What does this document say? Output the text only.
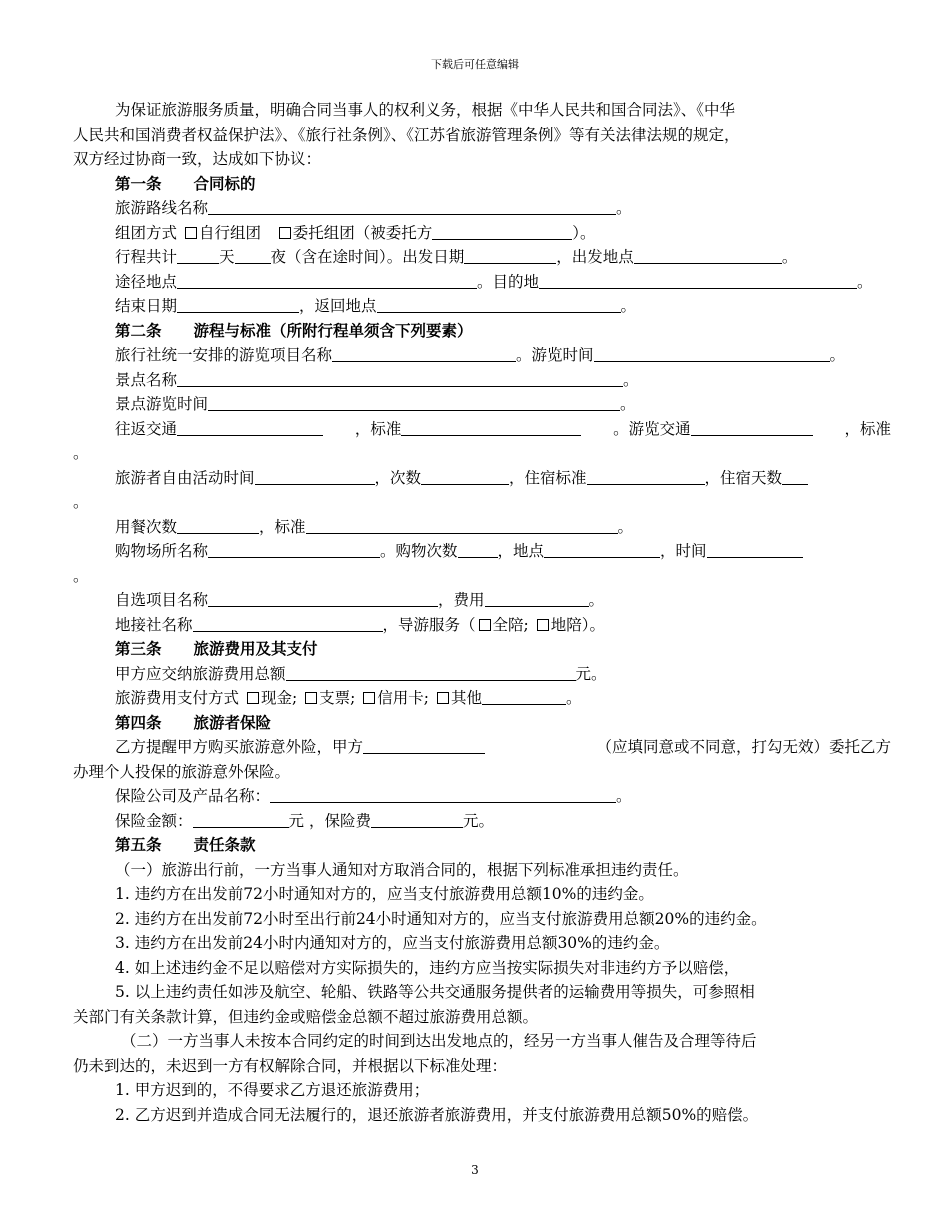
下载后可任意编辑
为保证旅游服务质量，明确合同当事人的权利义务，根据《中华人民共和国合同法》、《中华
人民共和国消费者权益保护法》、《旅行社条例》、《江苏省旅游管理条例》等有关法律法规的规定，
双方经过协商一致，达成如下协议：
第一条 合同标的
旅游路线名称	。
组团方式 自行组团 委托组团（被委托方	）。
行程共计	天 夜（含在途时间）。出发日期	，出发地点	。
途径地点	。目的地	。
结束日期	，返回地点	。
第二条 游程与标准（所附行程单须含下列要素）
旅行社统一安排的游览项目名称	。游览时间	。
景点名称	。
景点游览时间	。
往返交通	，标准	。游览交通	，标准
。
旅游者自由活动时间	，次数	，住宿标准	，住宿天数
。
用餐次数	，标准	。
购物场所名称	。购物次数	，地点	，时间
。
自选项目名称	，费用	。
地接社名称	，导游服务（ 全陪; 地陪）。
第三条 旅游费用及其支付
甲方应交纳旅游费用总额	元。
旅游费用支付方式 现金; 支票; 信用卡; 其他	。
第四条 旅游者保险
乙方提醒甲方购买旅游意外险，甲方	（应填同意或不同意，打勾无效）委托乙方
办理个人投保的旅游意外保险。
保险公司及产品名称：	。
保险金额：	元 ，保险费	元。
第五条 责任条款
（一）旅游出行前，一方当事人通知对方取消合同的，根据下列标准承担违约责任。
1. 违约方在出发前72小时通知对方的，应当支付旅游费用总额10%的违约金。
2. 违约方在出发前72小时至出行前24小时通知对方的，应当支付旅游费用总额20%的违约金。
3. 违约方在出发前24小时内通知对方的，应当支付旅游费用总额30%的违约金。
4. 如上述违约金不足以赔偿对方实际损失的，违约方应当按实际损失对非违约方予以赔偿，
5. 以上违约责任如涉及航空、轮船、铁路等公共交通服务提供者的运输费用等损失，可参照相
关部门有关条款计算，但违约金或赔偿金总额不超过旅游费用总额。
（二）一方当事人未按本合同约定的时间到达出发地点的，经另一方当事人催告及合理等待后
仍未到达的，未迟到一方有权解除合同，并根据以下标准处理：
1. 甲方迟到的，不得要求乙方退还旅游费用；
2. 乙方迟到并造成合同无法履行的，退还旅游者旅游费用，并支付旅游费用总额50%的赔偿。
3
